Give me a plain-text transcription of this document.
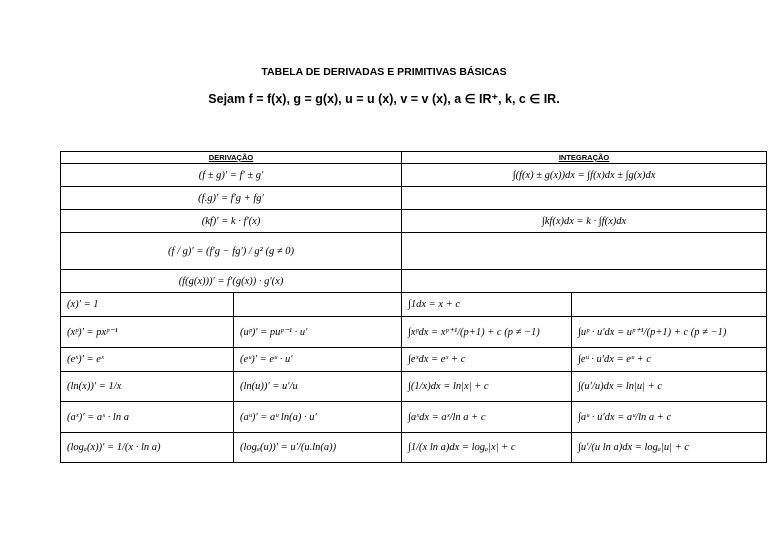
TABELA DE DERIVADAS E PRIMITIVAS BÁSICAS
Sejam f = f(x), g = g(x), u = u (x), v = v (x), a ∈ IR⁺, k, c ∈ IR.
DERIVAÇÃO		INTEGRAÇÃO	
(f ± g)′ = f′ ± g′		∫(f(x) ± g(x))dx = ∫f(x)dx ± ∫g(x)dx	
(f.g)′ = f′g + fg′			
(kf)′ = k · f′(x)		∫kf(x)dx = k · ∫f(x)dx	
(f / g)′ = (f′g − fg′) / g² (g ≠ 0)			
(f(g(x)))′ = f′(g(x)) · g′(x)			
(x)′ = 1		∫1dx = x + c	
(xᵖ)′ = pxᵖ⁻¹	(uᵖ)′ = puᵖ⁻¹ · u′	∫xᵖdx = xᵖ⁺¹/(p+1) + c (p ≠ −1)	∫uᵖ · u′dx = uᵖ⁺¹/(p+1) + c (p ≠ −1)
(eˣ)′ = eˣ	(eᵘ)′ = eᵘ · u′	∫eˣdx = eˣ + c	∫eᵘ · u′dx = eᵘ + c
(ln(x))′ = 1/x	(ln(u))′ = u′/u	∫(1/x)dx = ln|x| + c	∫(u′/u)dx = ln|u| + c
(aˣ)′ = aˣ · ln a	(aᵘ)′ = aᵘ ln(a) · u′	∫aˣdx = aˣ/ln a + c	∫aᵘ · u′dx = aᵘ/ln a + c
(logₐ(x))′ = 1/(x · ln a)	(logₐ(u))′ = u′/(u.ln(a))	∫1/(x ln a)dx = logₐ|x| + c	∫u′/(u ln a)dx = logₐ|u| + c
